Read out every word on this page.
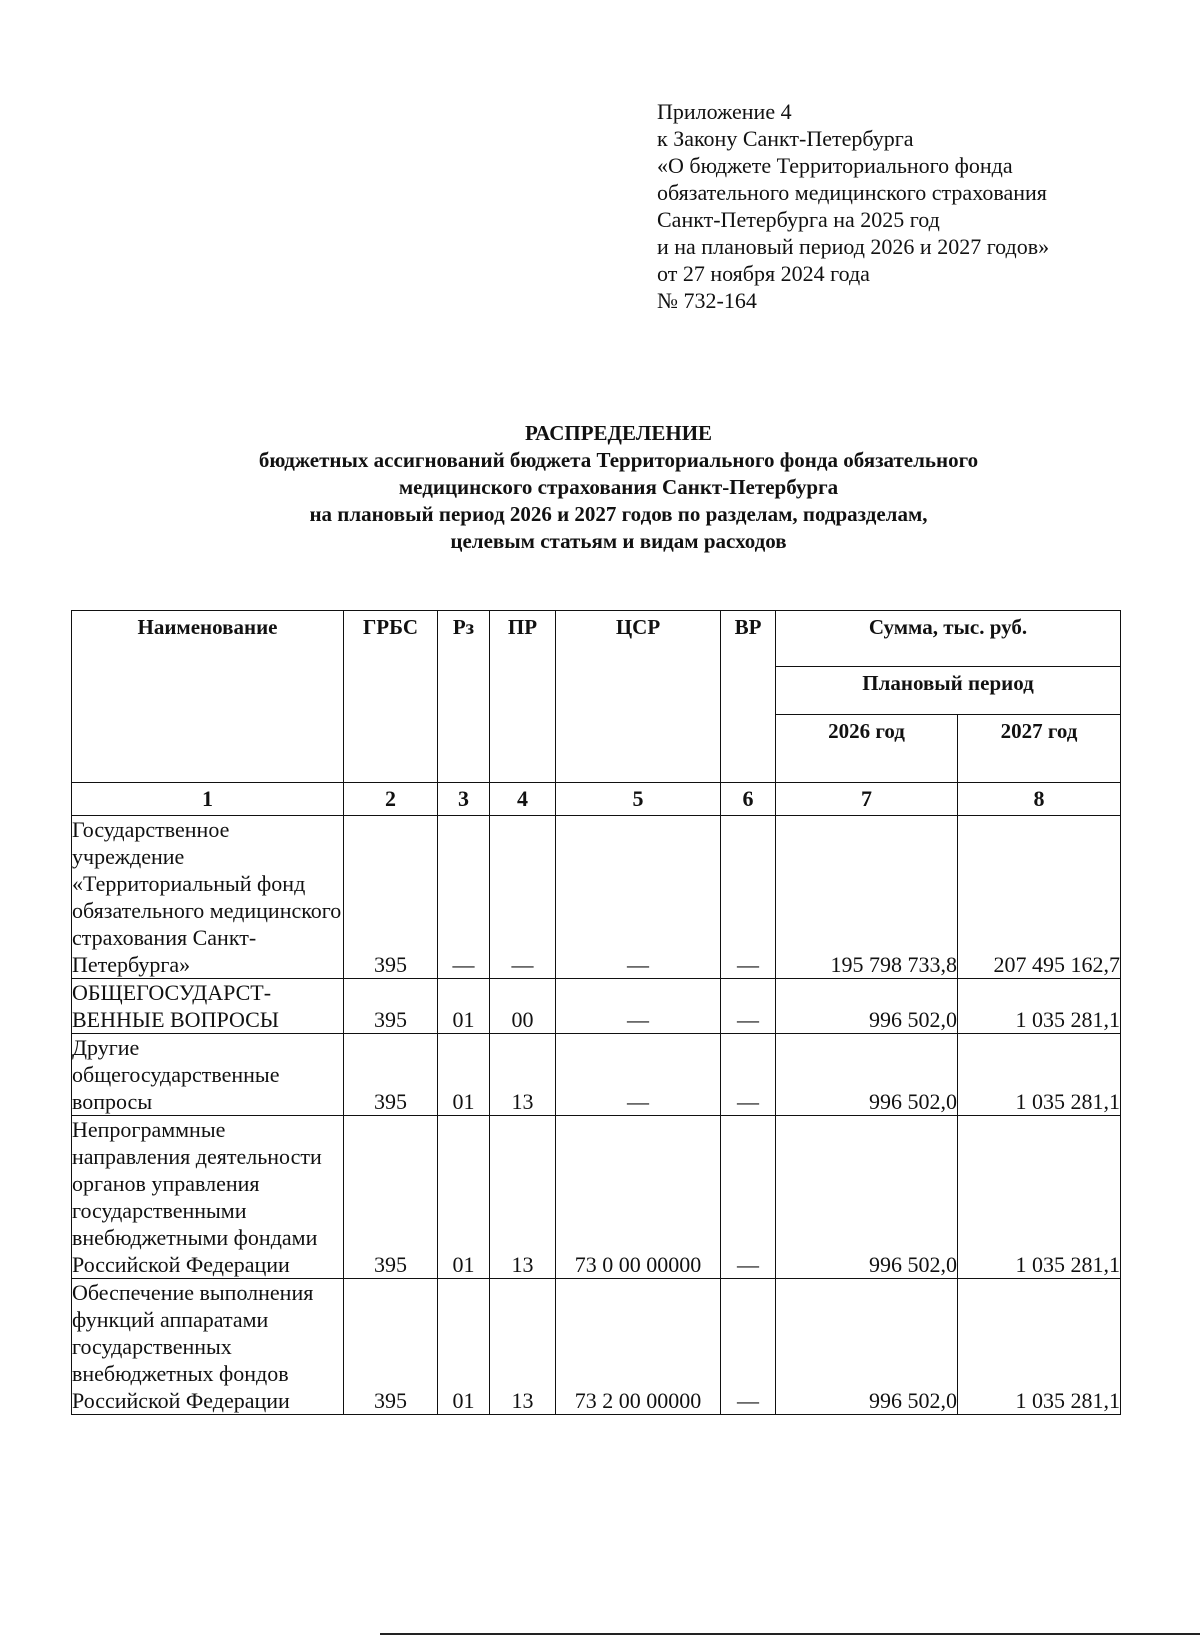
Приложение 4
к Закону Санкт-Петербурга
«О бюджете Территориального фонда
обязательного медицинского страхования
Санкт-Петербурга на 2025 год
и на плановый период 2026 и 2027 годов»
от 27 ноября 2024 года
№ 732-164
РАСПРЕДЕЛЕНИЕ
бюджетных ассигнований бюджета Территориального фонда обязательного
медицинского страхования Санкт-Петербурга
на плановый период 2026 и 2027 годов по разделам, подразделам,
целевым статьям и видам расходов
Наименование	ГРБС	Рз	ПР	ЦСР	ВР	Сумма, тыс. руб.	
						Плановый период	
						2026 год	2027 год
1	2	3	4	5	6	7	8
Государственное учреждение «Территориальный фонд обязательного медицинского страхования Санкт-Петербурга»	395	—	—	—	—	195 798 733,8	207 495 162,7
ОБЩЕГОСУДАРСТ-ВЕННЫЕ ВОПРОСЫ	395	01	00	—	—	996 502,0	1 035 281,1
Другие общегосударственные вопросы	395	01	13	—	—	996 502,0	1 035 281,1
Непрограммные направления деятельности органов управления государственными внебюджетными фондами Российской Федерации	395	01	13	73 0 00 00000	—	996 502,0	1 035 281,1
Обеспечение выполнения функций аппаратами государственных внебюджетных фондов Российской Федерации	395	01	13	73 2 00 00000	—	996 502,0	1 035 281,1
